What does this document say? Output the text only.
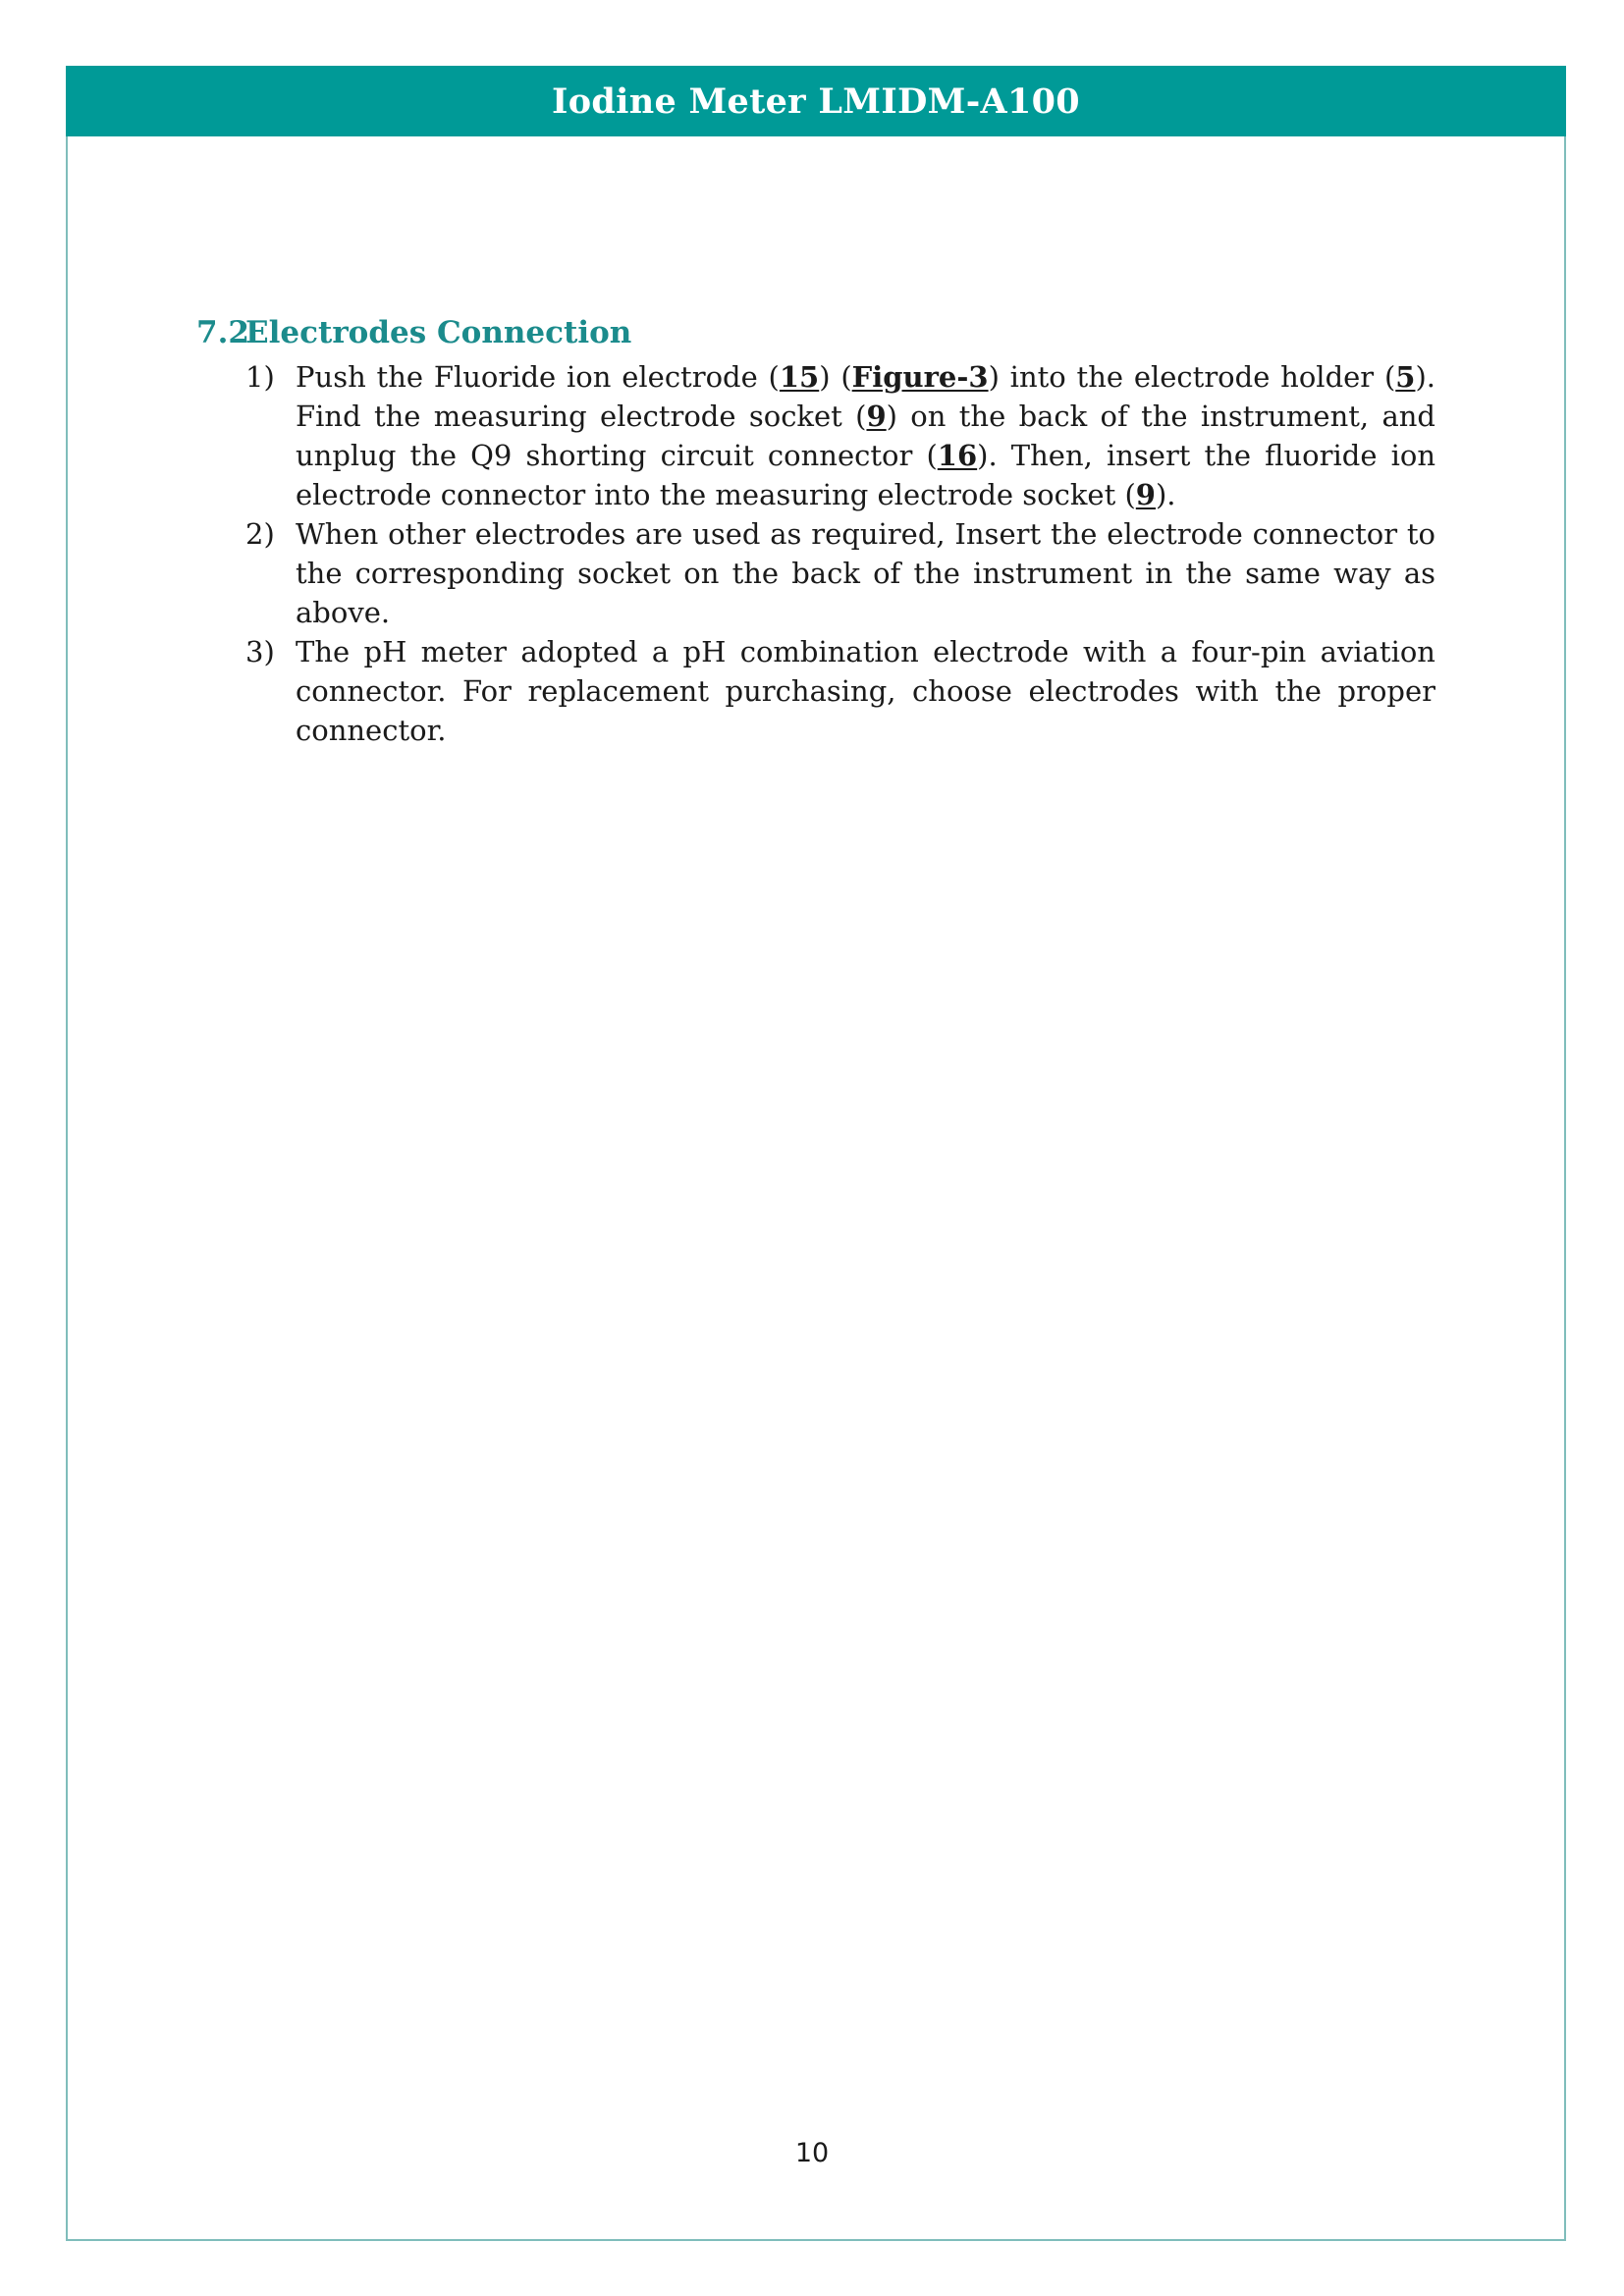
Iodine Meter LMIDM-A100
7.2
Electrodes Connection
1) Push the Fluoride ion electrode (15) (Figure-3) into the electrode holder (5). Find the measuring electrode socket (9) on the back of the instrument, and unplug the Q9 shorting circuit connector (16). Then, insert the fluoride ion electrode connector into the measuring electrode socket (9).
2) When other electrodes are used as required, Insert the electrode connector to the corresponding socket on the back of the instrument in the same way as above.
3) The pH meter adopted a pH combination electrode with a four-pin aviation connector. For replacement purchasing, choose electrodes with the proper connector.
10
